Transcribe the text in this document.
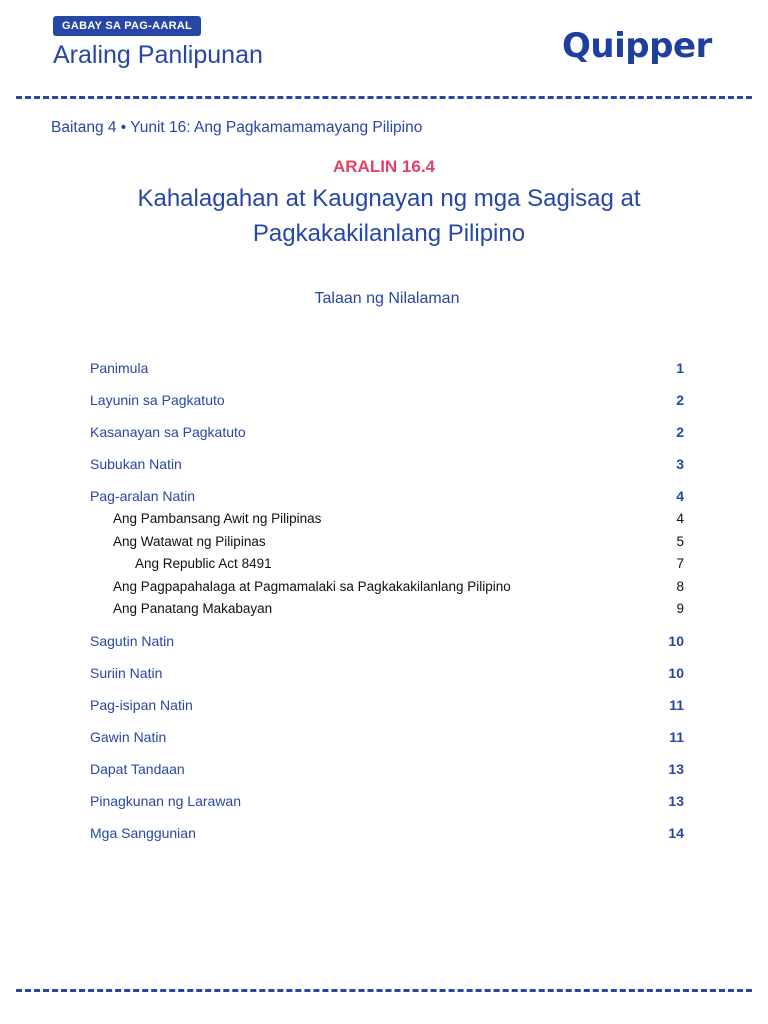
GABAY SA PAG-AARAL
Araling Panlipunan	Quipper
Baitang 4 • Yunit 16: Ang Pagkamamamayang Pilipino
ARALIN 16.4
Kahalagahan at Kaugnayan ng mga Sagisag at
Pagkakakilanlang Pilipino
Talaan ng Nilalaman
Panimula	1
Layunin sa Pagkatuto	2
Kasanayan sa Pagkatuto	2
Subukan Natin	3
Pag-aralan Natin	4
Ang Pambansang Awit ng Pilipinas	4
Ang Watawat ng Pilipinas	5
Ang Republic Act 8491	7
Ang Pagpapahalaga at Pagmamalaki sa Pagkakakilanlang Pilipino	8
Ang Panatang Makabayan	9
Sagutin Natin	10
Suriin Natin	10
Pag-isipan Natin	11
Gawin Natin	11
Dapat Tandaan	13
Pinagkunan ng Larawan	13
Mga Sanggunian	14
